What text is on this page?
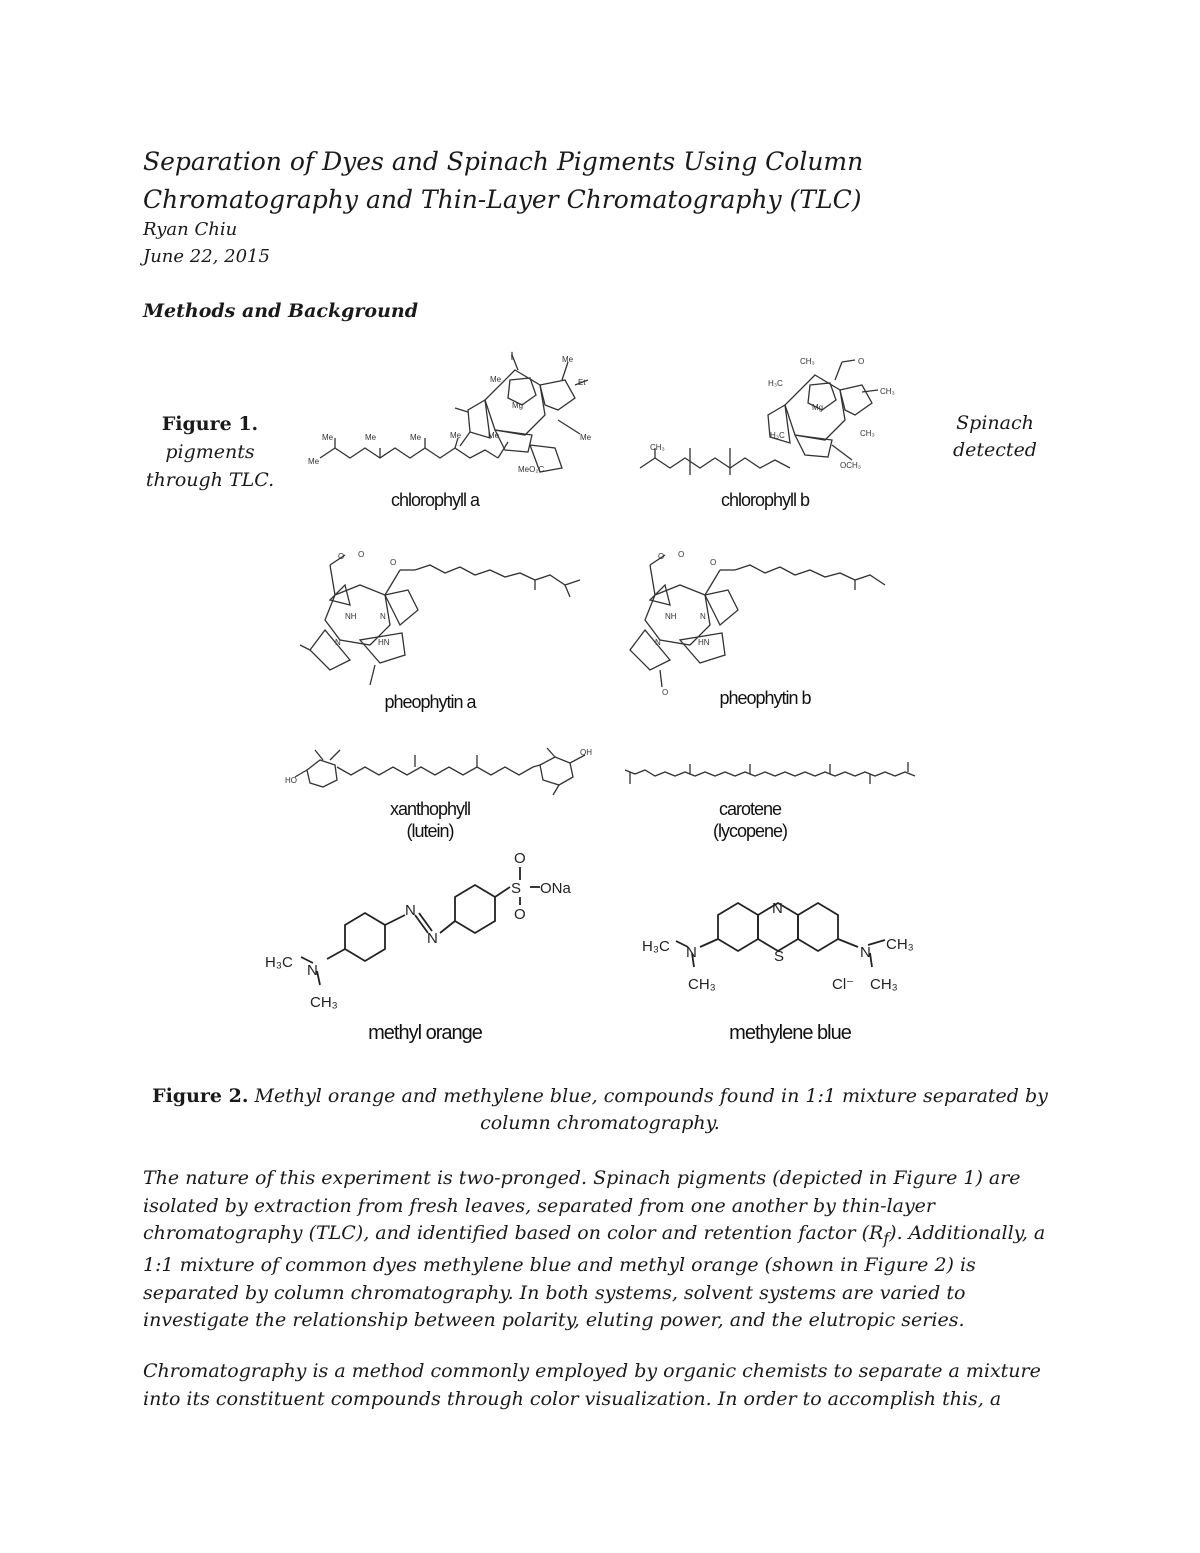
Separation of Dyes and Spinach Pigments Using Column Chromatography and Thin-Layer Chromatography (TLC)
Ryan Chiu
June 22, 2015
Methods and Background
Figure 1.
pigments through TLC.
Spinach detected
∥	Me
Me	Et
Mg
Me	Me
Me	Me	Me	Me
MeO₂C
Me
chlorophyll a
CH₃	O
H₃C
CH₃
Mg
H₃C	CH₃
CH₃
OCH₃
chlorophyll b
O O
O
NH	N
N	HN
pheophytin a
O O
O
NH	N
N	HN
O	pheophytin b
HO
OH
xanthophyll
(lutein)
carotene
(lycopene)
H₃C N
N
N
S
O
O
ONa
CH₃
methyl orange
H₃C N
CH₃
N
S	N CH₃
Cl⁻ CH₃
methylene blue
Figure 2. Methyl orange and methylene blue, compounds found in 1:1 mixture separated by column chromatography.
The nature of this experiment is two-pronged. Spinach pigments (depicted in Figure 1) are isolated by extraction from fresh leaves, separated from one another by thin-layer chromatography (TLC), and identified based on color and retention factor $(R_f)$. Additionally, a 1:1 mixture of common dyes methylene blue and methyl orange (shown in Figure 2) is separated by column chromatography. In both systems, solvent systems are varied to investigate the relationship between polarity, eluting power, and the elutropic series.
Chromatography is a method commonly employed by organic chemists to separate a mixture into its constituent compounds through color visualization. In order to accomplish this, a
